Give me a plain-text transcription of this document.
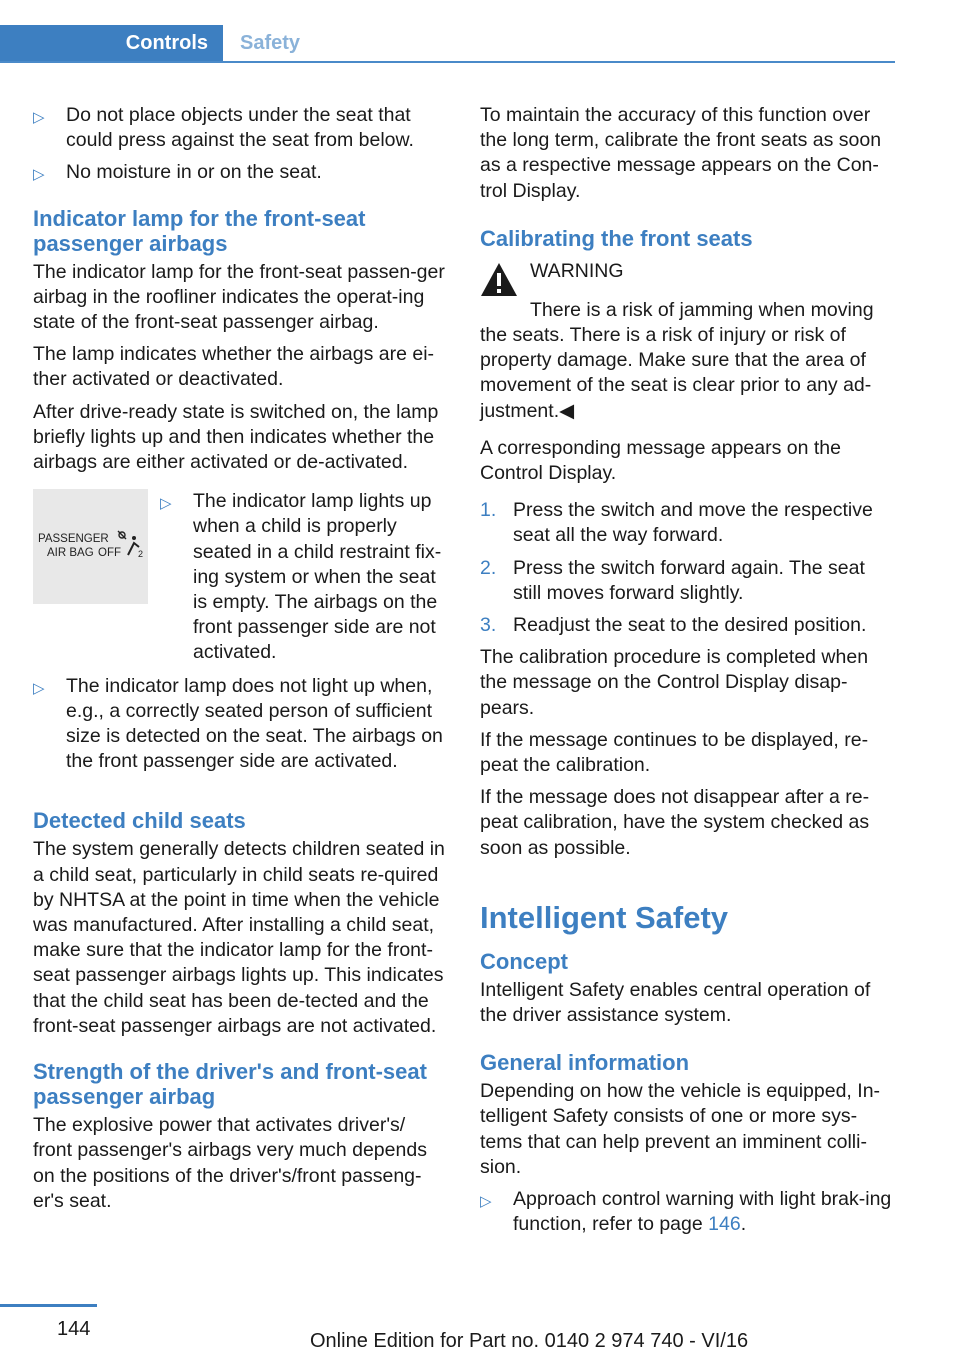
Controls	Safety
▷	Do not place objects under the seat that could press against the seat from below.
▷	No moisture in or on the seat.
Indicator lamp for the front-seat passenger airbags

The indicator lamp for the front-seat passen-ger airbag in the roofliner indicates the operat-ing state of the front-seat passenger airbag.

The lamp indicates whether the airbags are ei-ther activated or deactivated.

After drive-ready state is switched on, the lamp briefly lights up and then indicates whether the airbags are either activated or de-activated.

PASSENGER
AIR BAG OFF 2
▷	The indicator lamp lights up when a child is properly seated in a child restraint fix-ing system or when the seat is empty. The airbags on the front passenger side are not activated.
▷	The indicator lamp does not light up when, e.g., a correctly seated person of sufficient size is detected on the seat. The airbags on the front passenger side are activated.
Detected child seats

The system generally detects children seated in a child seat, particularly in child seats re-quired by NHTSA at the point in time when the vehicle was manufactured. After installing a child seat, make sure that the indicator lamp for the front-seat passenger airbags lights up. This indicates that the child seat has been de-tected and the front-seat passenger airbags are not activated.

Strength of the driver's and front-seat passenger airbag

The explosive power that activates driver's/ front passenger's airbags very much depends on the positions of the driver's/front passeng-er's seat.

To maintain the accuracy of this function over the long term, calibrate the front seats as soon as a respective message appears on the Con-trol Display.

Calibrating the front seats
WARNING

There is a risk of jamming when moving the seats. There is a risk of injury or risk of property damage. Make sure that the area of movement of the seat is clear prior to any ad-justment.◀

A corresponding message appears on the Control Display.

1. Press the switch and move the respective seat all the way forward.
2. Press the switch forward again. The seat still moves forward slightly.
3. Readjust the seat to the desired position.

The calibration procedure is completed when the message on the Control Display disap-pears.

If the message continues to be displayed, re-peat the calibration.

If the message does not disappear after a re-peat calibration, have the system checked as soon as possible.

Intelligent Safety
Concept

Intelligent Safety enables central operation of the driver assistance system.

General information

Depending on how the vehicle is equipped, In-telligent Safety consists of one or more sys-tems that can help prevent an imminent colli-sion.

▷	Approach control warning with light brak-ing function, refer to page 146.
144
Online Edition for Part no. 0140 2 974 740 - VI/16
